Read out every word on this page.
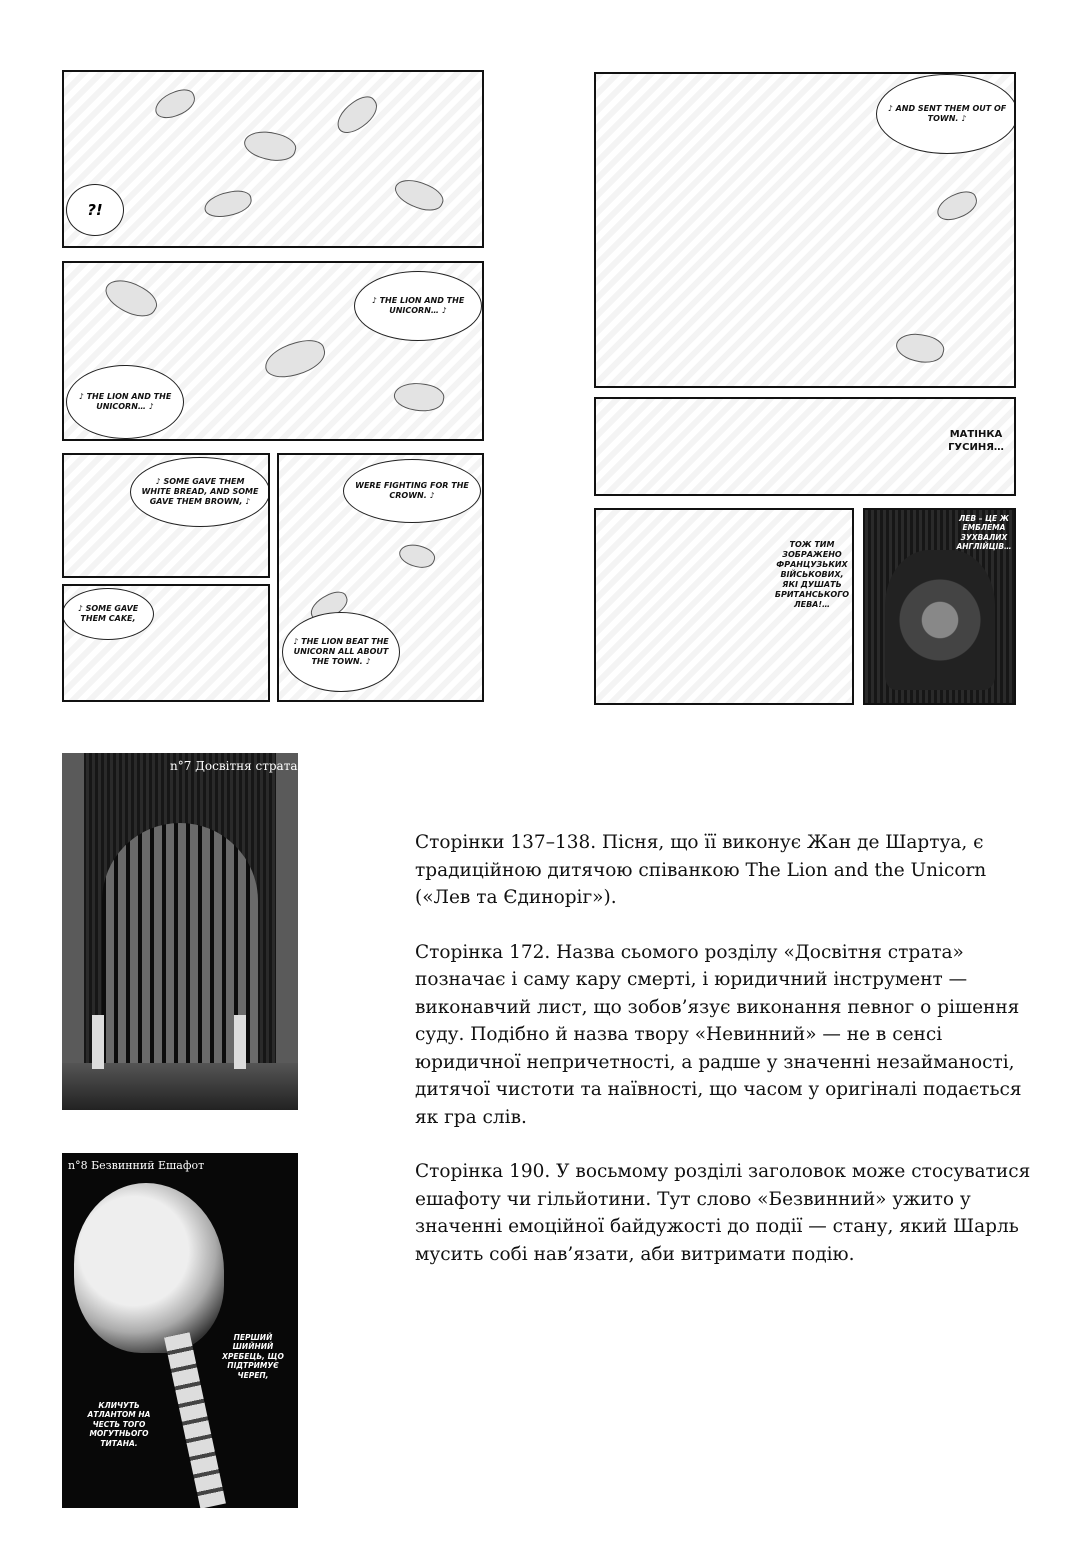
?!
♪ THE LION AND THE UNICORN… ♪
♪ THE LION AND THE UNICORN… ♪
♪ SOME GAVE THEM WHITE BREAD, AND SOME GAVE THEM BROWN, ♪
WERE FIGHTING FOR THE CROWN. ♪
♪ SOME GAVE THEM CAKE,
♪ THE LION BEAT THE UNICORN ALL ABOUT THE TOWN. ♪
♪ AND SENT THEM OUT OF TOWN. ♪
МАТІНКА ГУСИНЯ…
ТОЖ ТИМ ЗОБРАЖЕНО ФРАНЦУЗЬКИХ ВІЙСЬКОВИХ, ЯКІ ДУШАТЬ БРИТАНСЬКОГО ЛЕВА!…
ЛЕВ – ЦЕ Ж ЕМБЛЕМА ЗУХВАЛИХ АНГЛІЙЦІВ…
n°7 Досвітня страта
n°8 Безвинний Ешафот
ПЕРШИЙ ШИЙНИЙ ХРЕБЕЦЬ, ЩО ПІДТРИМУЄ ЧЕРЕП,
КЛИЧУТЬ АТЛАНТОМ НА ЧЕСТЬ ТОГО МОГУТНЬОГО ТИТАНА.

Сторінки 137–138. Пісня, що її виконує Жан де Шартуа, є традиційною дитячою співанкою The Lion and the Unicorn («Лев та Єдиноріг»).

Сторінка 172. Назва сьомого розділу «Досвітня страта» позначає і саму кару смерті, і юридичний інструмент — виконавчий лист, що зобов’язує виконання певног о рішення суду. Подібно й назва твору «Невинний» — не в сенсі юридичної непричетності, а радше у значенні незайманості, дитячої чистоти та наївності, що часом у оригіналі подається як гра слів.

Сторінка 190. У восьмому розділі заголовок може стосуватися ешафоту чи гільйотини. Тут слово «Безвинний» ужито у значенні емоційної байдужості до події — стану, який Шарль мусить собі нав’язати, аби витримати подію.
